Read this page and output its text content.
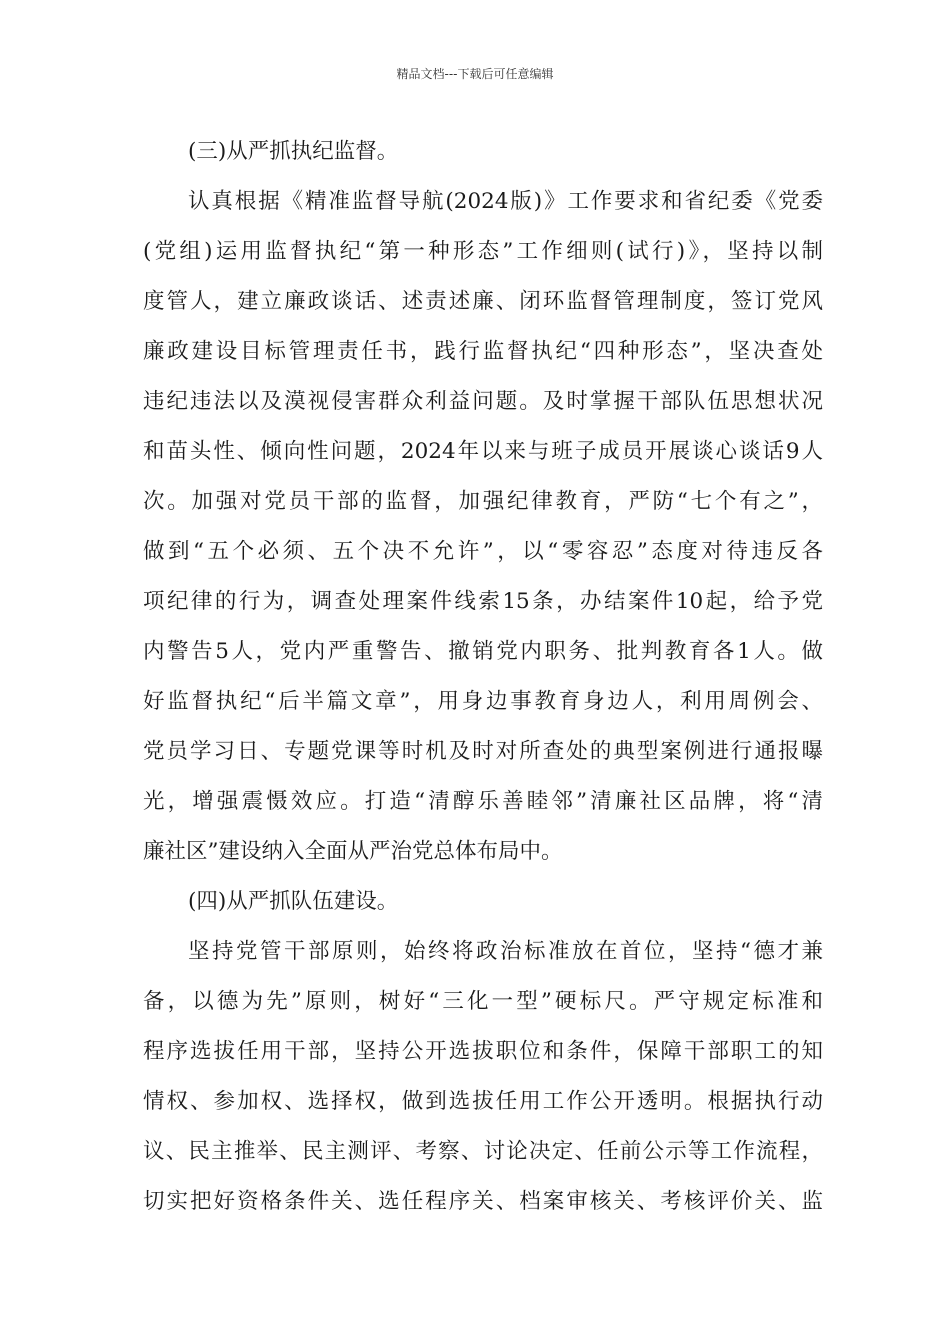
精品文档---下载后可任意编辑
(三)从严抓执纪监督。
认真根据《精准监督导航(2024版)》工作要求和省纪委《党委
(党组)运用监督执纪“第一种形态”工作细则(试行)》，坚持以制
度管人，建立廉政谈话、述责述廉、闭环监督管理制度，签订党风
廉政建设目标管理责任书，践行监督执纪“四种形态”，坚决查处
违纪违法以及漠视侵害群众利益问题。及时掌握干部队伍思想状况
和苗头性、倾向性问题，2024年以来与班子成员开展谈心谈话9人
次。加强对党员干部的监督，加强纪律教育，严防“七个有之”，
做到“五个必须、五个决不允许”，以“零容忍”态度对待违反各
项纪律的行为，调查处理案件线索15条，办结案件10起，给予党
内警告5人，党内严重警告、撤销党内职务、批判教育各1人。做
好监督执纪“后半篇文章”，用身边事教育身边人，利用周例会、
党员学习日、专题党课等时机及时对所查处的典型案例进行通报曝
光，增强震慑效应。打造“清醇乐善睦邻”清廉社区品牌，将“清
廉社区”建设纳入全面从严治党总体布局中。
(四)从严抓队伍建设。
坚持党管干部原则，始终将政治标准放在首位，坚持“德才兼
备，以德为先”原则，树好“三化一型”硬标尺。严守规定标准和
程序选拔任用干部，坚持公开选拔职位和条件，保障干部职工的知
情权、参加权、选择权，做到选拔任用工作公开透明。根据执行动
议、民主推举、民主测评、考察、讨论决定、任前公示等工作流程，
切实把好资格条件关、选任程序关、档案审核关、考核评价关、监
